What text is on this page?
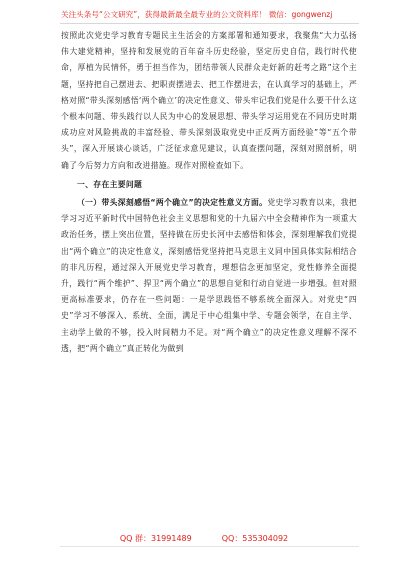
关注头条号“公文研究”，获得最新最全最专业的公文资料库！ 微信：gongwenzj

按照此次党史学习教育专题民主生活会的方案部署和通知要求，我聚焦“大力弘扬伟大建党精神，坚持和发展党的百年奋斗历史经验，坚定历史自信，践行时代使命，厚植为民情怀，勇于担当作为，团结带领人民群众走好新的赶考之路”这个主题，坚持把自己摆进去、把职责摆进去、把工作摆进去，在认真学习的基础上，严格对照“带头深刻感悟‘两个确立’的决定性意义、带头牢记我们党是什么要干什么这个根本问题、带头践行以人民为中心的发展思想、带头学习运用党在不同历史时期成功应对风险挑战的丰富经验、带头深刻汲取党史中正反两方面经验”等“五个带头”，深入开展谈心谈话，广泛征求意见建议，认真查摆问题，深刻对照剖析，明确了今后努力方向和改进措施。现作对照检查如下。

一、存在主要问题

（一）带头深刻感悟“两个确立”的决定性意义方面。党史学习教育以来，我把学习习近平新时代中国特色社会主义思想和党的十九届六中全会精神作为一项重大政治任务，摆上突出位置，坚持做在历史长河中去感悟和体会，深刻理解我们党提出“两个确立”的决定性意义，深刻感悟党坚持把马克思主义同中国具体实际相结合的非凡历程，通过深入开展党史学习教育，理想信念更加坚定，党性修养全面提升，践行“两个维护”、捍卫“两个确立”的思想自觉和行动自觉进一步增强。但对照更高标准要求，仍存在一些问题：一是学思践悟不够系统全面深入。对党史“四史”学习不够深入、系统、全面，满足于中心组集中学、专题会领学，在自主学、主动学上做的不够，投入时间精力不足。对“两个确立”的决定性意义理解不深不透，把“两个确立”真正转化为做到

QQ 群：31991489	QQ：535304092
